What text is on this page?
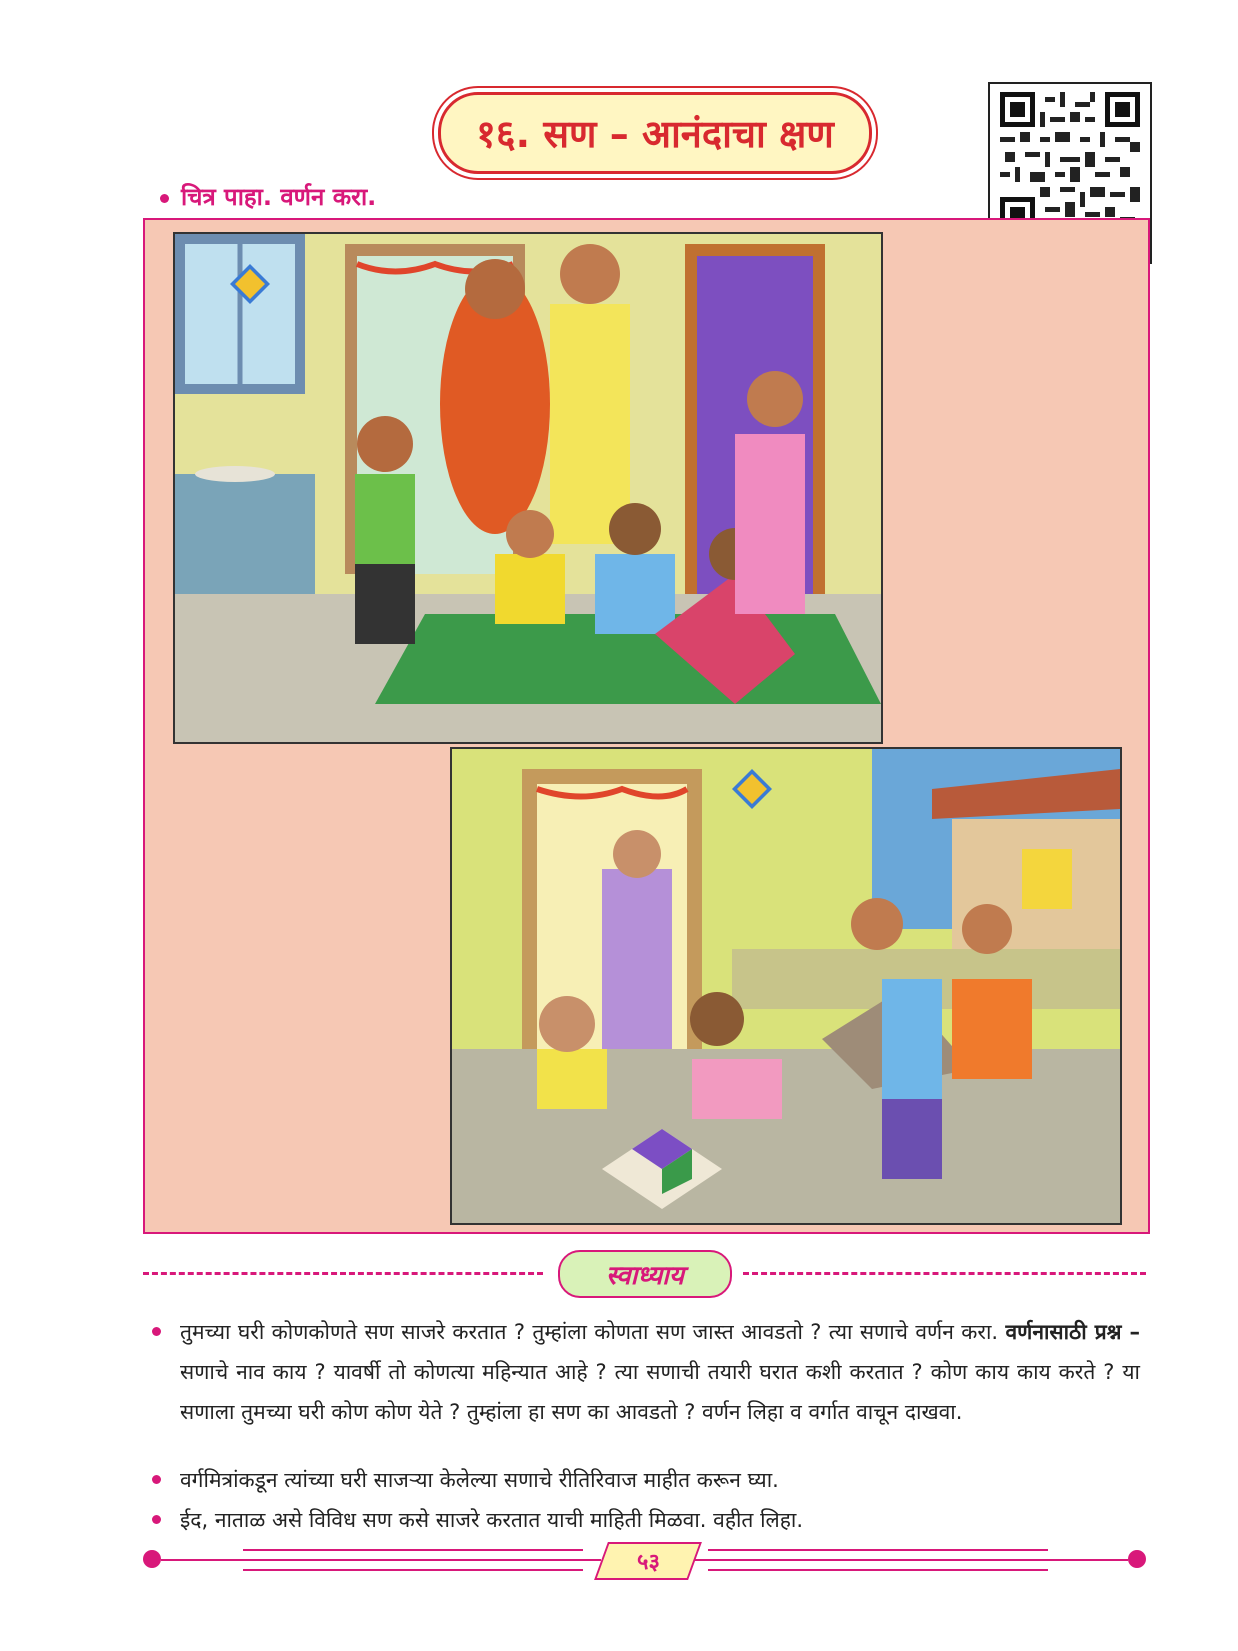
१६. सण – आनंदाचा क्षण
चित्र पाहा. वर्णन करा.
स्वाध्याय
तुमच्या घरी कोणकोणते सण साजरे करतात ? तुम्हांला कोणता सण जास्त आवडतो ? त्या सणाचे वर्णन करा. वर्णनासाठी प्रश्न – सणाचे नाव काय ? यावर्षी तो कोणत्या महिन्यात आहे ? त्या सणाची तयारी घरात कशी करतात ? कोण काय काय करते ? या सणाला तुमच्या घरी कोण कोण येते ? तुम्हांला हा सण का आवडतो ? वर्णन लिहा व वर्गात वाचून दाखवा.
वर्गमित्रांकडून त्यांच्या घरी साजऱ्या केलेल्या सणाचे रीतिरिवाज माहीत करून घ्या.
ईद, नाताळ असे विविध सण कसे साजरे करतात याची माहिती मिळवा. वहीत लिहा.
५३
